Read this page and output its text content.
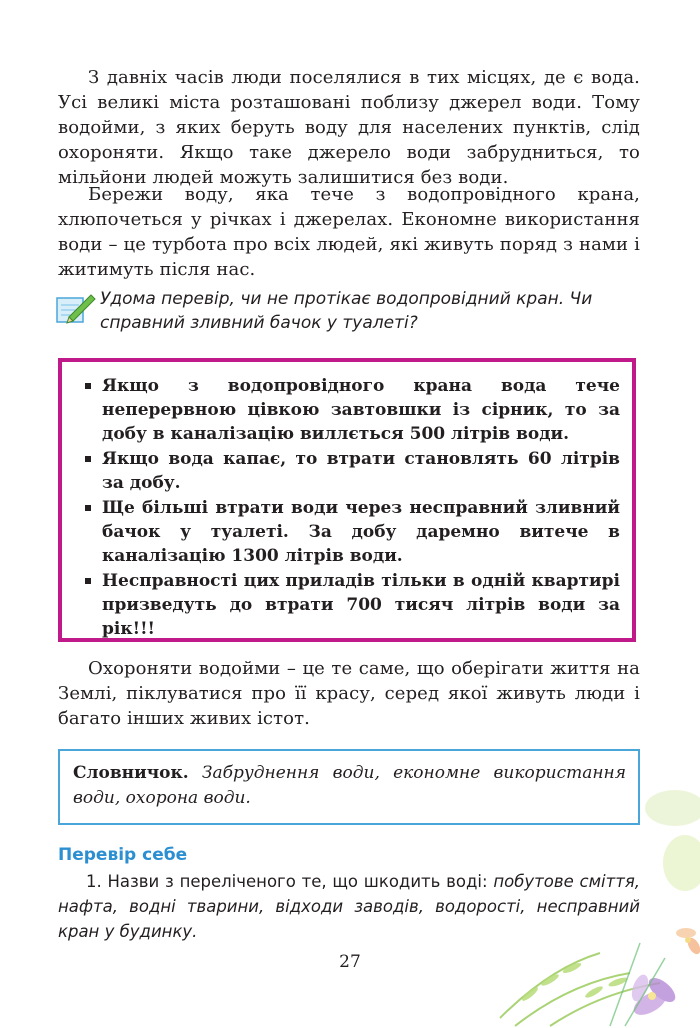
З давніх часів люди поселялися в тих місцях, де є вода. Усі великі міста розташовані поблизу джерел води. Тому водойми, з яких беруть воду для населених пунктів, слід охороняти. Якщо таке джерело води забрудниться, то мільйони людей можуть залишитися без води.

Бережи воду, яка тече з водопровідного крана, хлюпочеться у річках і джерелах. Економне використання води – це турбота про всіх людей, які живуть поряд з нами і житимуть після нас.

Удома перевір, чи не протікає водопровідний кран. Чи справний зливний бачок у туалеті?

Якщо з водопровідного крана вода тече неперервною цівкою завтовшки із сірник, то за добу в каналізацію виллється 500 літрів води.
Якщо вода капає, то втрати становлять 60 літрів за добу.
Ще більші втрати води через несправний зливний бачок у туалеті. За добу даремно витече в каналізацію 1300 літрів води.
Несправності цих приладів тільки в одній квартирі призведуть до втрати 700 тисяч літрів води за рік!!!

Охороняти водойми – це те саме, що оберігати життя на Землі, піклуватися про її красу, серед якої живуть люди і багато інших живих істот.

Словничок. Забруднення води, економне використання води, охорона води.
Перевір себе

1. Назви з переліченого те, що шкодить воді: побутове сміття, нафта, водні тварини, відходи заводів, водорості, несправний кран у будинку.

27
